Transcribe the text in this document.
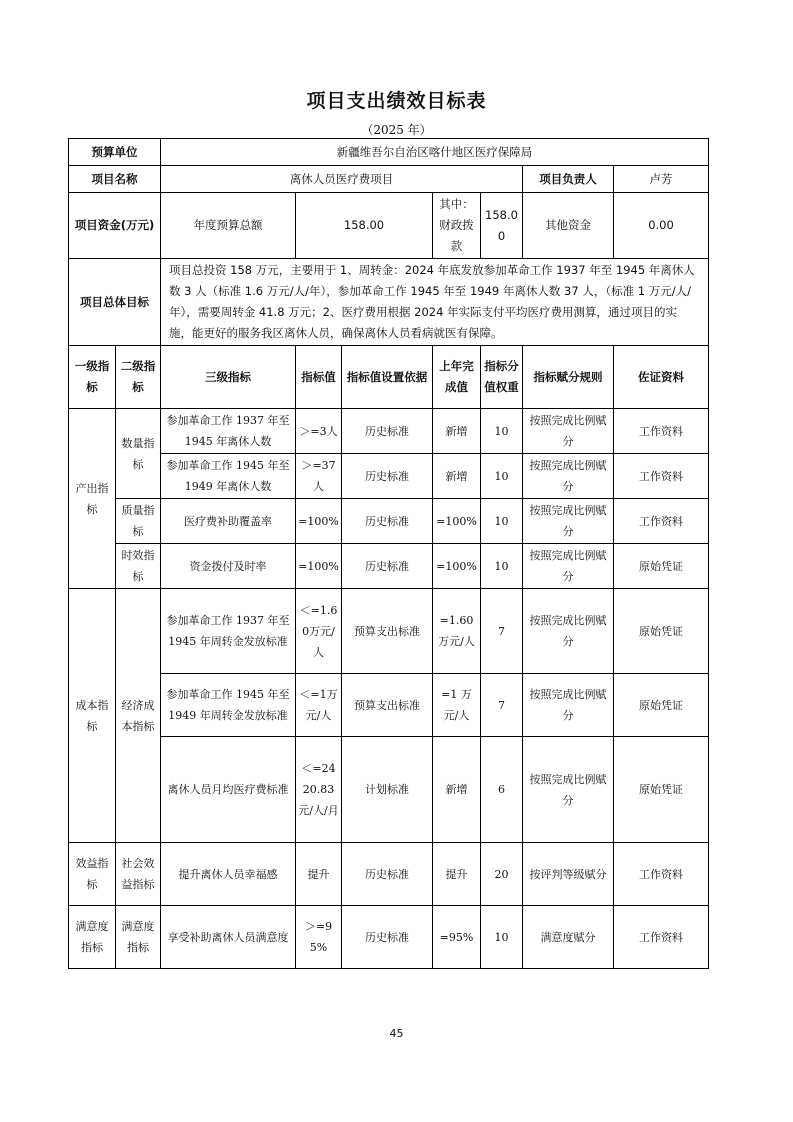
项目支出绩效目标表
（2025 年）
预算单位		新疆维吾尔自治区喀什地区医疗保障局						
项目名称		离休人员医疗费项目					项目负责人	卢芳
项目资金(万元)		年度预算总额	158.00		其中：财政拨款	158.00	其他资金	0.00
项目总体目标		项目总投资 158 万元，主要用于 1、周转金：2024 年底发放参加革命工作 1937 年至 1945 年离休人数 3 人（标准 1.6 万元/人/年），参加革命工作 1945 年至 1949 年离休人数 37 人，（标准 1 万元/人/年），需要周转金 41.8 万元；2、医疗费用根据 2024 年实际支付平均医疗费用测算，通过项目的实施，能更好的服务我区离休人员，确保离休人员看病就医有保障。						
一级指标	二级指标	三级指标	指标值	指标值设置依据	上年完成值	指标分值权重	指标赋分规则	佐证资料
产出指标	数量指标	参加革命工作 1937 年至 1945 年离休人数	＞=3人	历史标准	新增	10	按照完成比例赋分	工作资料
		参加革命工作 1945 年至 1949 年离休人数	＞=37人	历史标准	新增	10	按照完成比例赋分	工作资料
	质量指标	医疗费补助覆盖率	=100%	历史标准	=100%	10	按照完成比例赋分	工作资料
	时效指标	资金拨付及时率	=100%	历史标准	=100%	10	按照完成比例赋分	原始凭证
成本指标	经济成本指标	参加革命工作 1937 年至 1945 年周转金发放标准	＜=1.60万元/人	预算支出标准	=1.60万元/人	7	按照完成比例赋分	原始凭证
		参加革命工作 1945 年至 1949 年周转金发放标准	＜=1万元/人	预算支出标准	=1 万元/人	7	按照完成比例赋分	原始凭证
		离休人员月均医疗费标准	＜=2420.83元/人/月	计划标准	新增	6	按照完成比例赋分	原始凭证
效益指标	社会效益指标	提升离休人员幸福感	提升	历史标准	提升	20	按评判等级赋分	工作资料
满意度指标	满意度指标	享受补助离休人员满意度	＞=95%	历史标准	=95%	10	满意度赋分	工作资料
45
